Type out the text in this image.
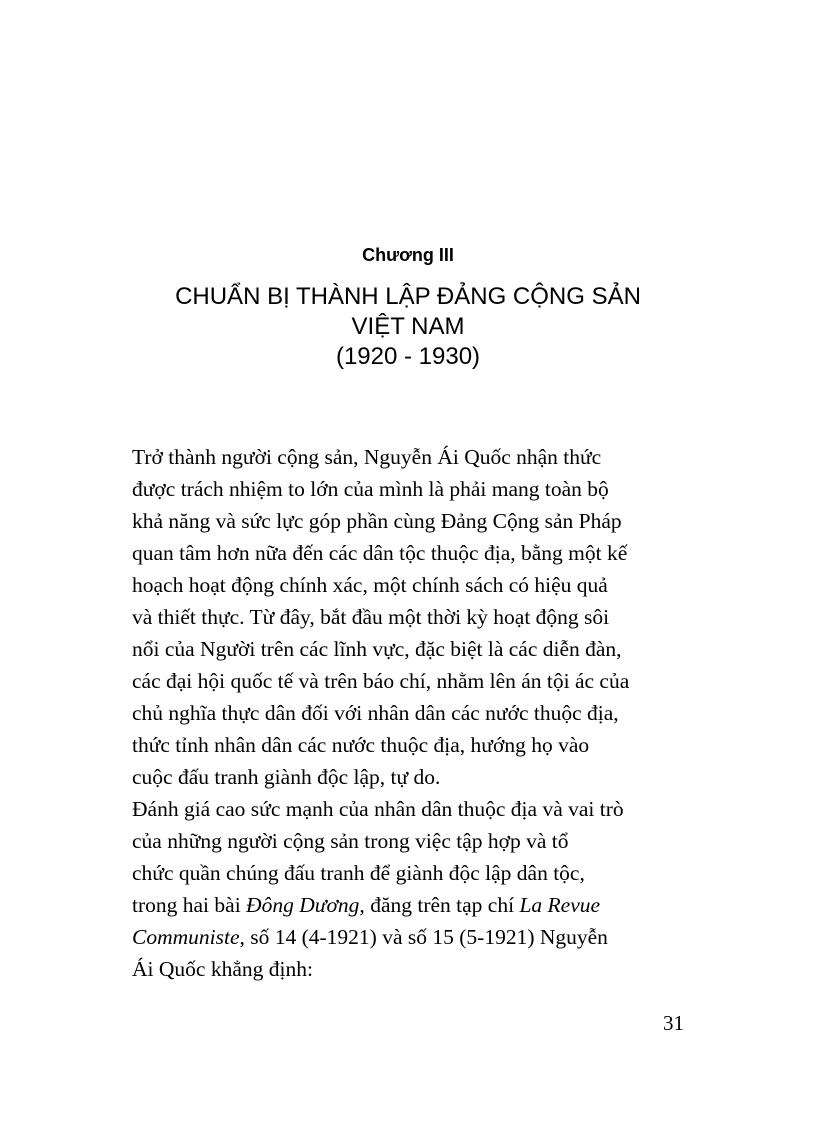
Chương III
CHUẨN BỊ THÀNH LẬP ĐẢNG CỘNG SẢN
VIỆT NAM
(1920 - 1930)
Trở thành người cộng sản, Nguyễn Ái Quốc nhận thức
được trách nhiệm to lớn của mình là phải mang toàn bộ
khả năng và sức lực góp phần cùng Đảng Cộng sản Pháp
quan tâm hơn nữa đến các dân tộc thuộc địa, bằng một kế
hoạch hoạt động chính xác, một chính sách có hiệu quả
và thiết thực. Từ đây, bắt đầu một thời kỳ hoạt động sôi
nổi của Người trên các lĩnh vực, đặc biệt là các diễn đàn,
các đại hội quốc tế và trên báo chí, nhằm lên án tội ác của
chủ nghĩa thực dân đối với nhân dân các nước thuộc địa,
thức tỉnh nhân dân các nước thuộc địa, hướng họ vào
cuộc đấu tranh giành độc lập, tự do.
Đánh giá cao sức mạnh của nhân dân thuộc địa và vai trò
của những người cộng sản trong việc tập hợp và tổ
chức quần chúng đấu tranh để giành độc lập dân tộc,
trong hai bài Đông Dương, đăng trên tạp chí La Revue
Communiste, số 14 (4-1921) và số 15 (5-1921) Nguyễn
Ái Quốc khẳng định:
31
